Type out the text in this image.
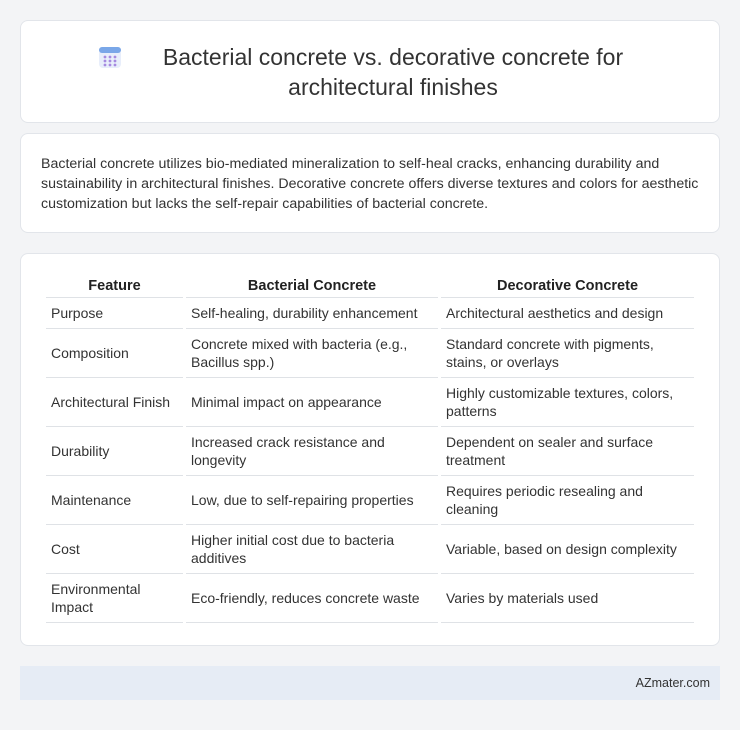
Bacterial concrete vs. decorative concrete for architectural finishes

Bacterial concrete utilizes bio-mediated mineralization to self-heal cracks, enhancing durability and sustainability in architectural finishes. Decorative concrete offers diverse textures and colors for aesthetic customization but lacks the self-repair capabilities of bacterial concrete.

Feature	Bacterial Concrete	Decorative Concrete
Purpose	Self-healing, durability enhancement	Architectural aesthetics and design
Composition	Concrete mixed with bacteria (e.g., Bacillus spp.)	Standard concrete with pigments, stains, or overlays
Architectural Finish	Minimal impact on appearance	Highly customizable textures, colors, patterns
Durability	Increased crack resistance and longevity	Dependent on sealer and surface treatment
Maintenance	Low, due to self-repairing properties	Requires periodic resealing and cleaning
Cost	Higher initial cost due to bacteria additives	Variable, based on design complexity
Environmental Impact	Eco-friendly, reduces concrete waste	Varies by materials used
AZmater.com
